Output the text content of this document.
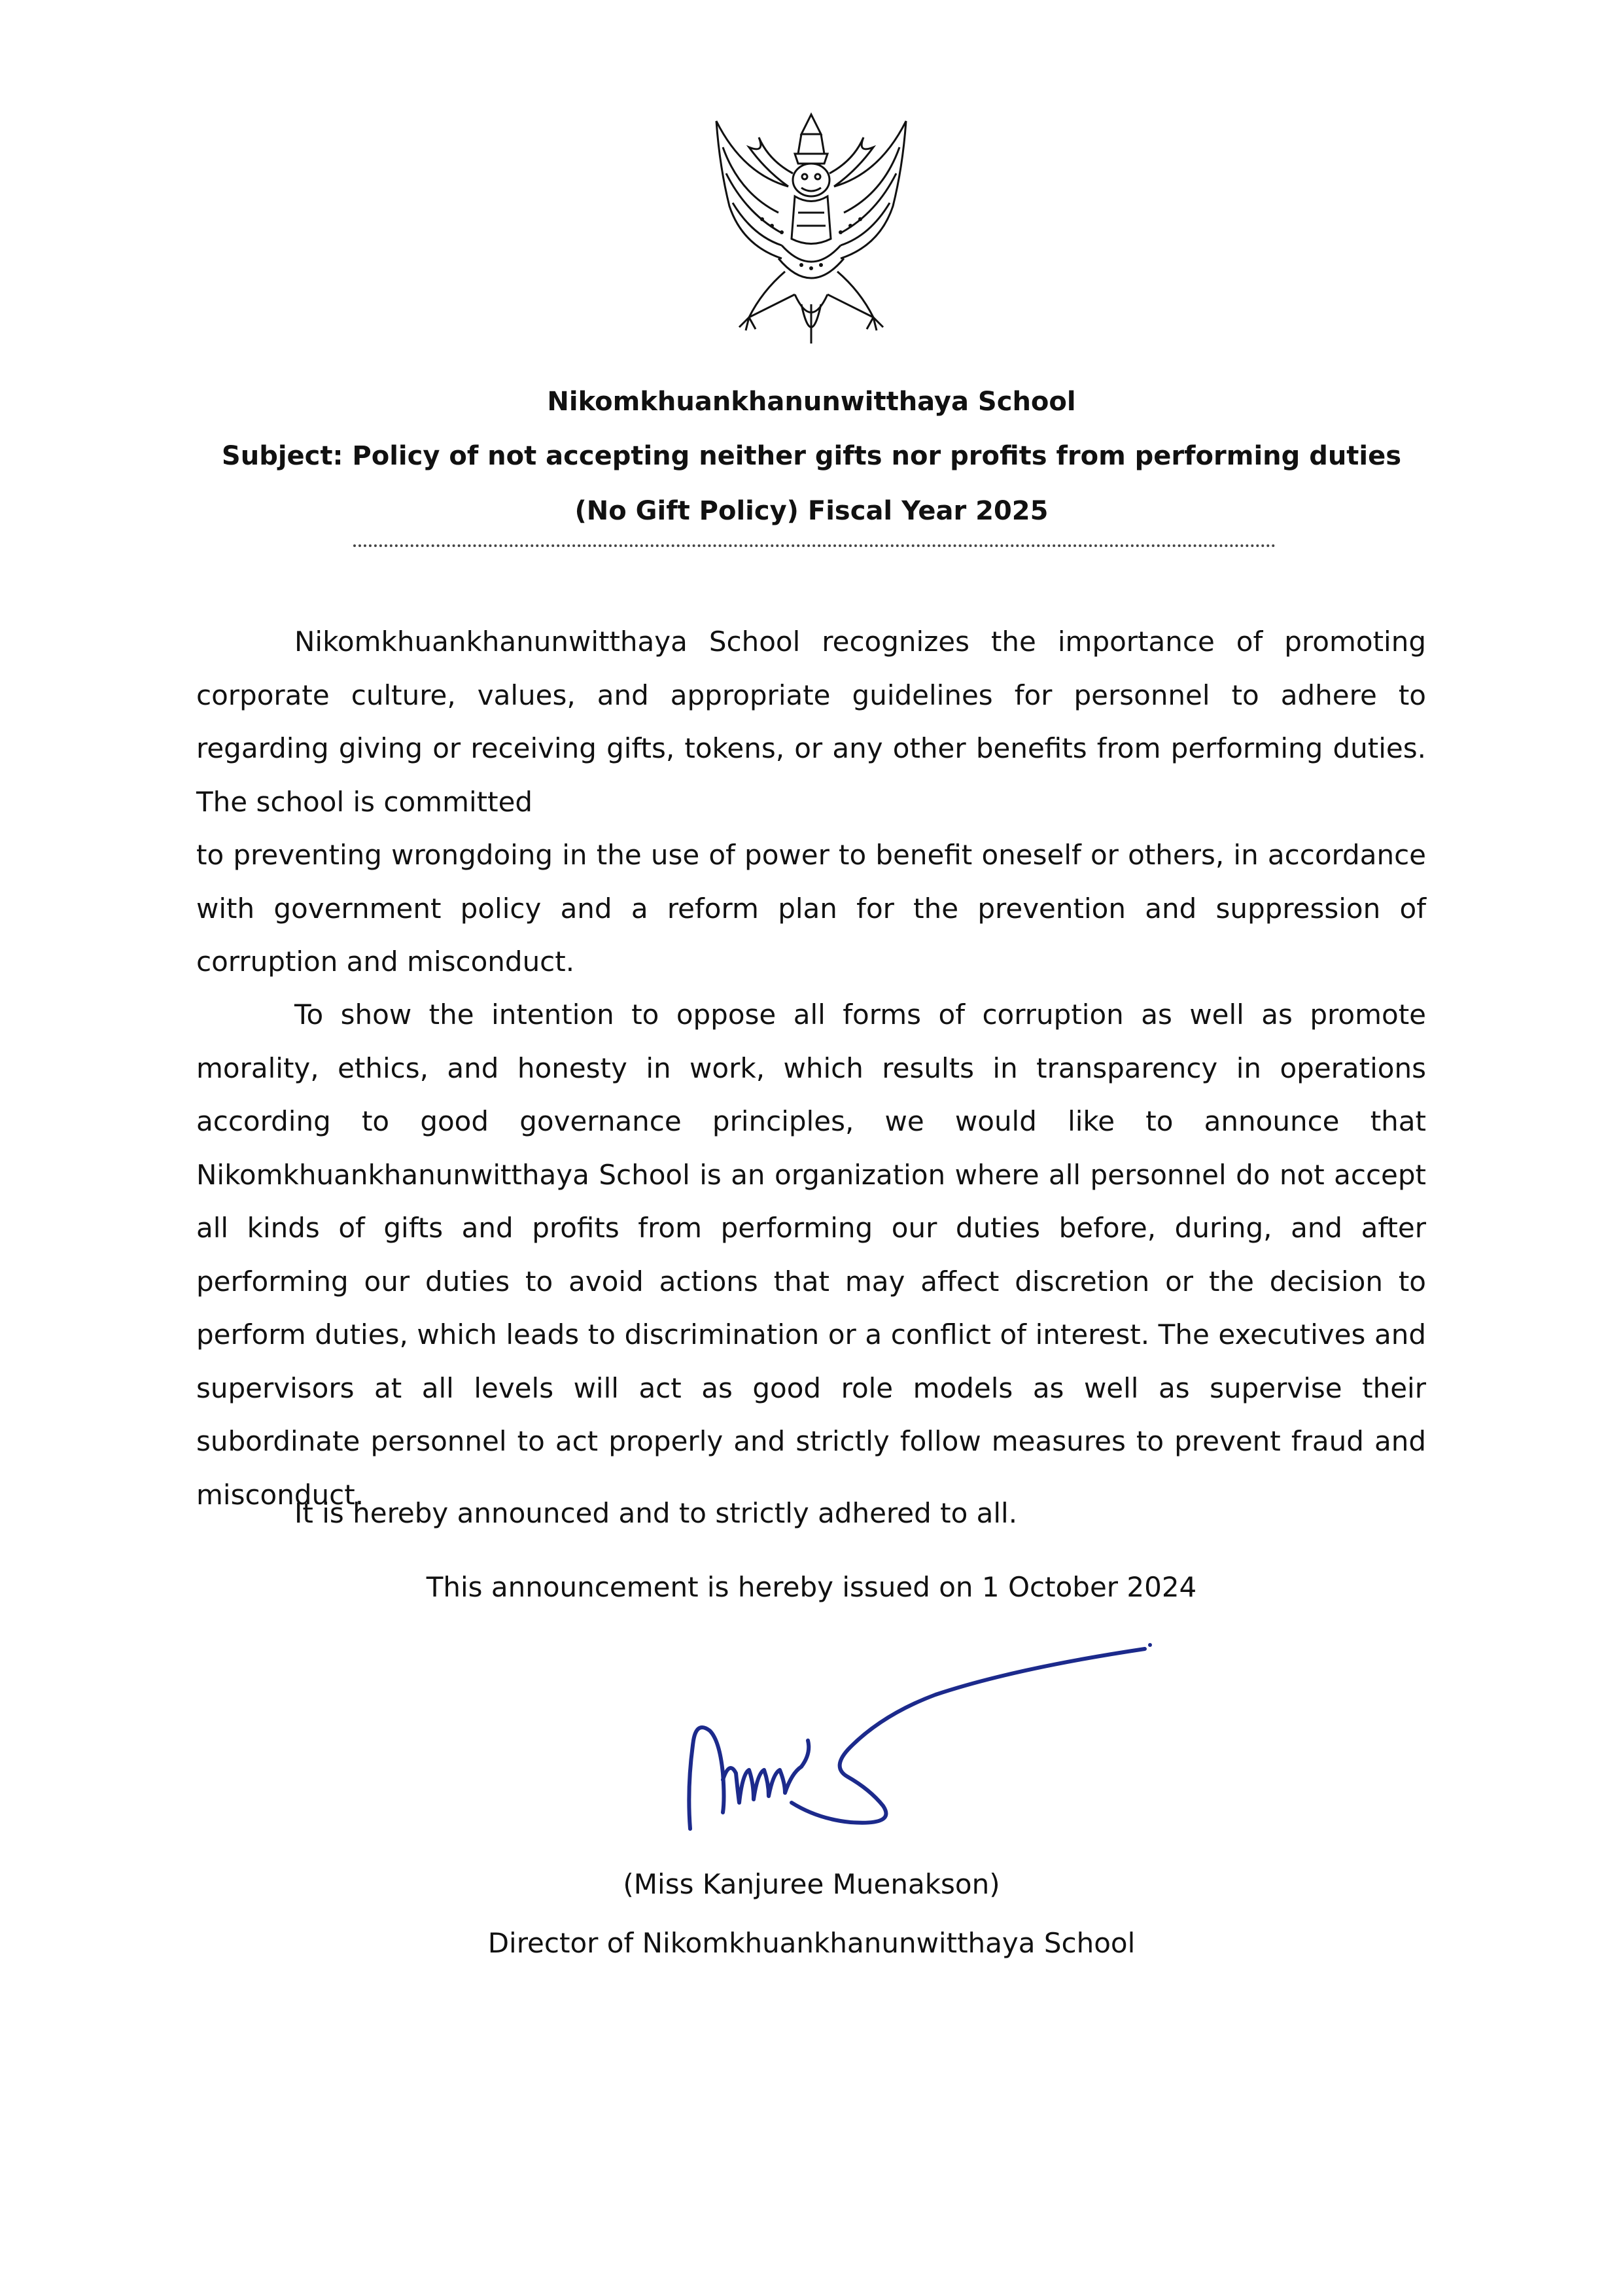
Nikomkhuankhanunwitthaya School
Subject: Policy of not accepting neither gifts nor profits from performing duties
(No Gift Policy) Fiscal Year 2025

Nikomkhuankhanunwitthaya School recognizes the importance of promoting corporate culture, values, and appropriate guidelines for personnel to adhere to regarding giving or receiving gifts, tokens, or any other benefits from performing duties. The school is committed

to preventing wrongdoing in the use of power to benefit oneself or others, in accordance with government policy and a reform plan for the prevention and suppression of corruption and misconduct.

To show the intention to oppose all forms of corruption as well as promote morality, ethics, and honesty in work, which results in transparency in operations according to good governance principles, we would like to announce that Nikomkhuankhanunwitthaya School is an organization where all personnel do not accept all kinds of gifts and profits from performing our duties before, during, and after performing our duties to avoid actions that may affect discretion or the decision to perform duties, which leads to discrimination or a conflict of interest. The executives and supervisors at all levels will act as good role models as well as supervise their subordinate personnel to act properly and strictly follow measures to prevent fraud and misconduct.

It is hereby announced and to strictly adhered to all.

This announcement is hereby issued on 1 October 2024

(Miss Kanjuree Muenakson)

Director of Nikomkhuankhanunwitthaya School
